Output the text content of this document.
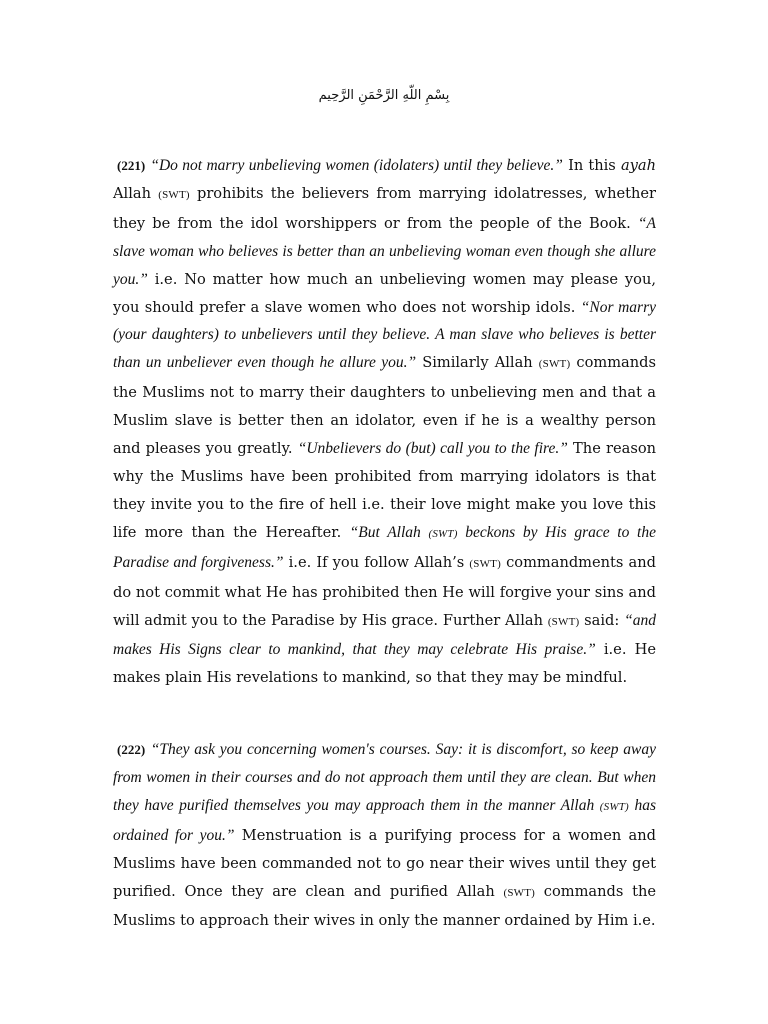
بِسْمِ اللّهِ الرَّحْمَنِ الرَّحِيم
(221) “Do not marry unbelieving women (idolaters) until they believe.” In this ayah Allah (SWT) prohibits the believers from marrying idolatresses, whether they be from the idol worshippers or from the people of the Book. “A slave woman who believes is better than an unbelieving woman even though she allure you.” i.e. No matter how much an unbelieving women may please you, you should prefer a slave women who does not worship idols. “Nor marry (your daughters) to unbelievers until they believe. A man slave who believes is better than un unbeliever even though he allure you.” Similarly Allah (SWT) commands the Muslims not to marry their daughters to unbelieving men and that a Muslim slave is better then an idolator, even if he is a wealthy person and pleases you greatly. “Unbelievers do (but) call you to the fire.” The reason why the Muslims have been prohibited from marrying idolators is that they invite you to the fire of hell i.e. their love might make you love this life more than the Hereafter. “But Allah (SWT) beckons by His grace to the Paradise and forgiveness.” i.e. If you follow Allah’s (SWT) commandments and do not commit what He has prohibited then He will forgive your sins and will admit you to the Paradise by His grace. Further Allah (SWT) said: “and makes His Signs clear to mankind, that they may celebrate His praise.” i.e. He makes plain His revelations to mankind, so that they may be mindful.
(222) “They ask you concerning women's courses. Say: it is discomfort, so keep away from women in their courses and do not approach them until they are clean. But when they have purified themselves you may approach them in the manner Allah (SWT) has ordained for you.” Menstruation is a purifying process for a women and Muslims have been commanded not to go near their wives until they get purified. Once they are clean and purified Allah (SWT) commands the Muslims to approach their wives in only the manner ordained by Him i.e.
